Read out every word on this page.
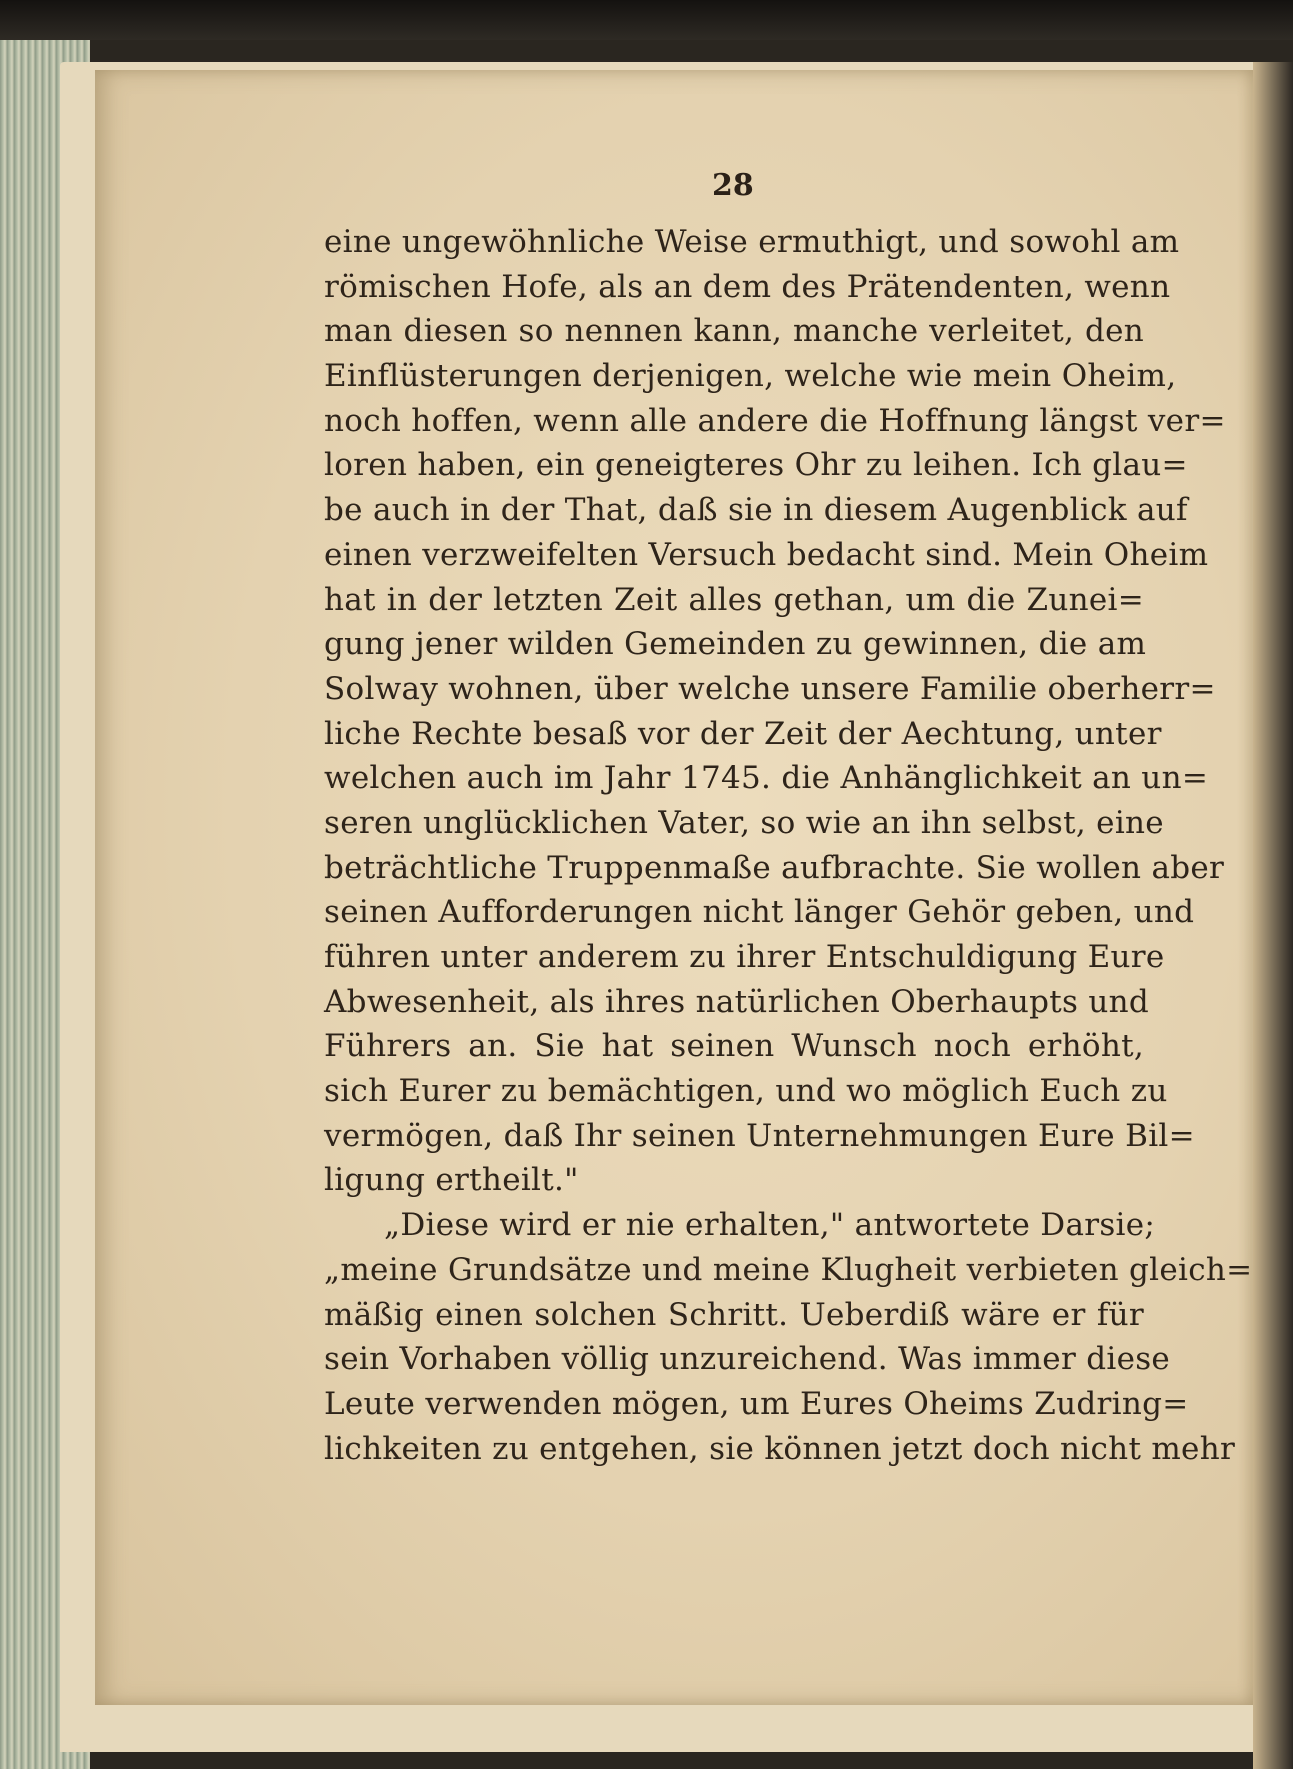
28
eine ungewöhnliche Weise ermuthigt, und sowohl am
römischen Hofe, als an dem des Prätendenten, wenn
man diesen so nennen kann, manche verleitet, den
Einflüsterungen derjenigen, welche wie mein Oheim,
noch hoffen, wenn alle andere die Hoffnung längst ver=
loren haben, ein geneigteres Ohr zu leihen. Ich glau=
be auch in der That, daß sie in diesem Augenblick auf
einen verzweifelten Versuch bedacht sind. Mein Oheim
hat in der letzten Zeit alles gethan, um die Zunei=
gung jener wilden Gemeinden zu gewinnen, die am
Solway wohnen, über welche unsere Familie oberherr=
liche Rechte besaß vor der Zeit der Aechtung, unter
welchen auch im Jahr 1745. die Anhänglichkeit an un=
seren unglücklichen Vater, so wie an ihn selbst, eine
beträchtliche Truppenmaße aufbrachte. Sie wollen aber
seinen Aufforderungen nicht länger Gehör geben, und
führen unter anderem zu ihrer Entschuldigung Eure
Abwesenheit, als ihres natürlichen Oberhaupts und
Führers an. Sie hat seinen Wunsch noch erhöht,
sich Eurer zu bemächtigen, und wo möglich Euch zu
vermögen, daß Ihr seinen Unternehmungen Eure Bil=
ligung ertheilt."
„Diese wird er nie erhalten," antwortete Darsie;
„meine Grundsätze und meine Klugheit verbieten gleich=
mäßig einen solchen Schritt. Ueberdiß wäre er für
sein Vorhaben völlig unzureichend. Was immer diese
Leute verwenden mögen, um Eures Oheims Zudring=
lichkeiten zu entgehen, sie können jetzt doch nicht mehr
